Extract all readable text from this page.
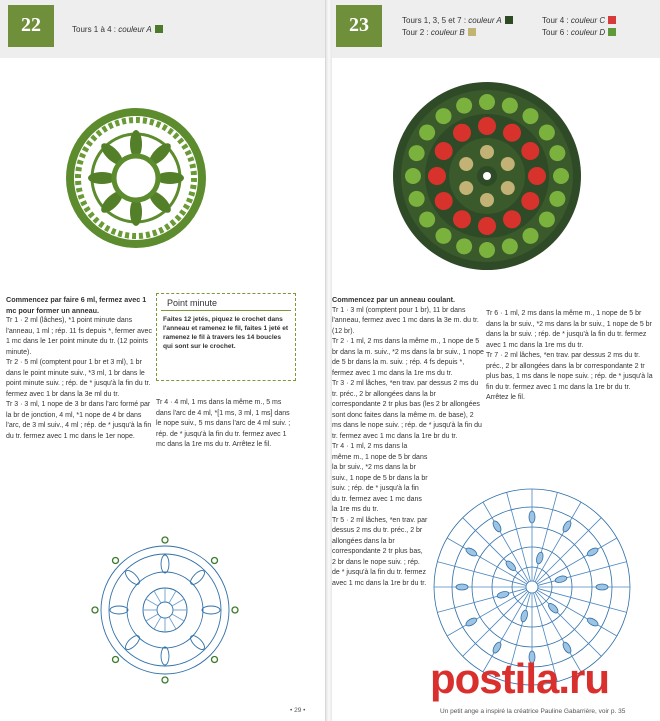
22	Tours 1 à 4 : couleur A

Commencez par faire 6 ml, fermez avec 1 mc pour former un anneau.

Tr 1 · 2 ml (lâches), *1 point minute dans l'anneau, 1 ml ; rép. 11 fs depuis *, fermer avec 1 mc dans le 1er point minute du tr. (12 points minute).

Tr 2 · 5 ml (comptent pour 1 br et 3 ml), 1 br dans le point minute suiv., *3 ml, 1 br dans le point minute suiv. ; rép. de * jusqu'à la fin du tr. fermez avec 1 br dans la 3e ml du tr.

Tr 3 · 3 ml, 1 nope de 3 br dans l'arc formé par la br de jonction, 4 ml, *1 nope de 4 br dans l'arc, de 3 ml suiv., 4 ml ; rép. de * jusqu'à la fin du tr. fermez avec 1 mc dans le 1er nope.

Point minute

Faites 12 jetés, piquez le crochet dans l'anneau et ramenez le fil, faites 1 jeté et ramenez le fil à travers les 14 boucles qui sont sur le crochet.

Tr 4 · 4 ml, 1 ms dans la même m., 5 ms dans l'arc de 4 ml, *[1 ms, 3 ml, 1 ms] dans le nope suiv., 5 ms dans l'arc de 4 ml suiv. ; rép. de * jusqu'à la fin du tr. fermez avec 1 mc dans la 1re ms du tr. Arrêtez le fil.

• 29 •
23	Tours 1, 3, 5 et 7 : couleur A
Tour 2 : couleur B
Tour 4 : couleur C
Tour 6 : couleur D

Commencez par un anneau coulant.

Tr 1 · 3 ml (comptent pour 1 br), 11 br dans l'anneau, fermez avec 1 mc dans la 3e m. du tr. (12 br).

Tr 2 · 1 ml, 2 ms dans la même m., 1 nope de 5 br dans la m. suiv., *2 ms dans la br suiv., 1 nope de 5 br dans la m. suiv. ; rép. 4 fs depuis *, fermez avec 1 mc dans la 1re ms du tr.

Tr 3 · 2 ml lâches, *en trav. par dessus 2 ms du tr. préc., 2 br allongées dans la br correspondante 2 tr plus bas (les 2 br allongées sont donc faites dans la même m. de base), 2 ms dans le nope suiv. ; rép. de * jusqu'à la fin du tr. fermez avec 1 mc dans la 1re br du tr.

Tr 4 · 1 ml, 2 ms dans la même m., 1 nope de 5 br dans la br suiv., *2 ms dans la br suiv., 1 nope de 5 br dans la br suiv. ; rép. de * jusqu'à la fin du tr. fermez avec 1 mc dans la 1re ms du tr.

Tr 5 · 2 ml lâches, *en trav. par dessus 2 ms du tr. préc., 2 br allongées dans la br correspondante 2 tr plus bas, 2 br dans le nope suiv. ; rép. de * jusqu'à la fin du tr. fermez avec 1 mc dans la 1re br du tr.

Tr 6 · 1 ml, 2 ms dans la même m., 1 nope de 5 br dans la br suiv., *2 ms dans la br suiv., 1 nope de 5 br dans la br suiv. ; rép. de * jusqu'à la fin du tr. fermez avec 1 mc dans la 1re ms du tr.

Tr 7 · 2 ml lâches, *en trav. par dessus 2 ms du tr. préc., 2 br allongées dans la br correspondante 2 tr plus bas, 1 ms dans le nope suiv. ; rép. de * jusqu'à la fin du tr. fermez avec 1 mc dans la 1re br du tr.

Arrêtez le fil.

Un petit ange a inspiré la créatrice Pauline Gabarrière, voir p. 35
postila.ru
